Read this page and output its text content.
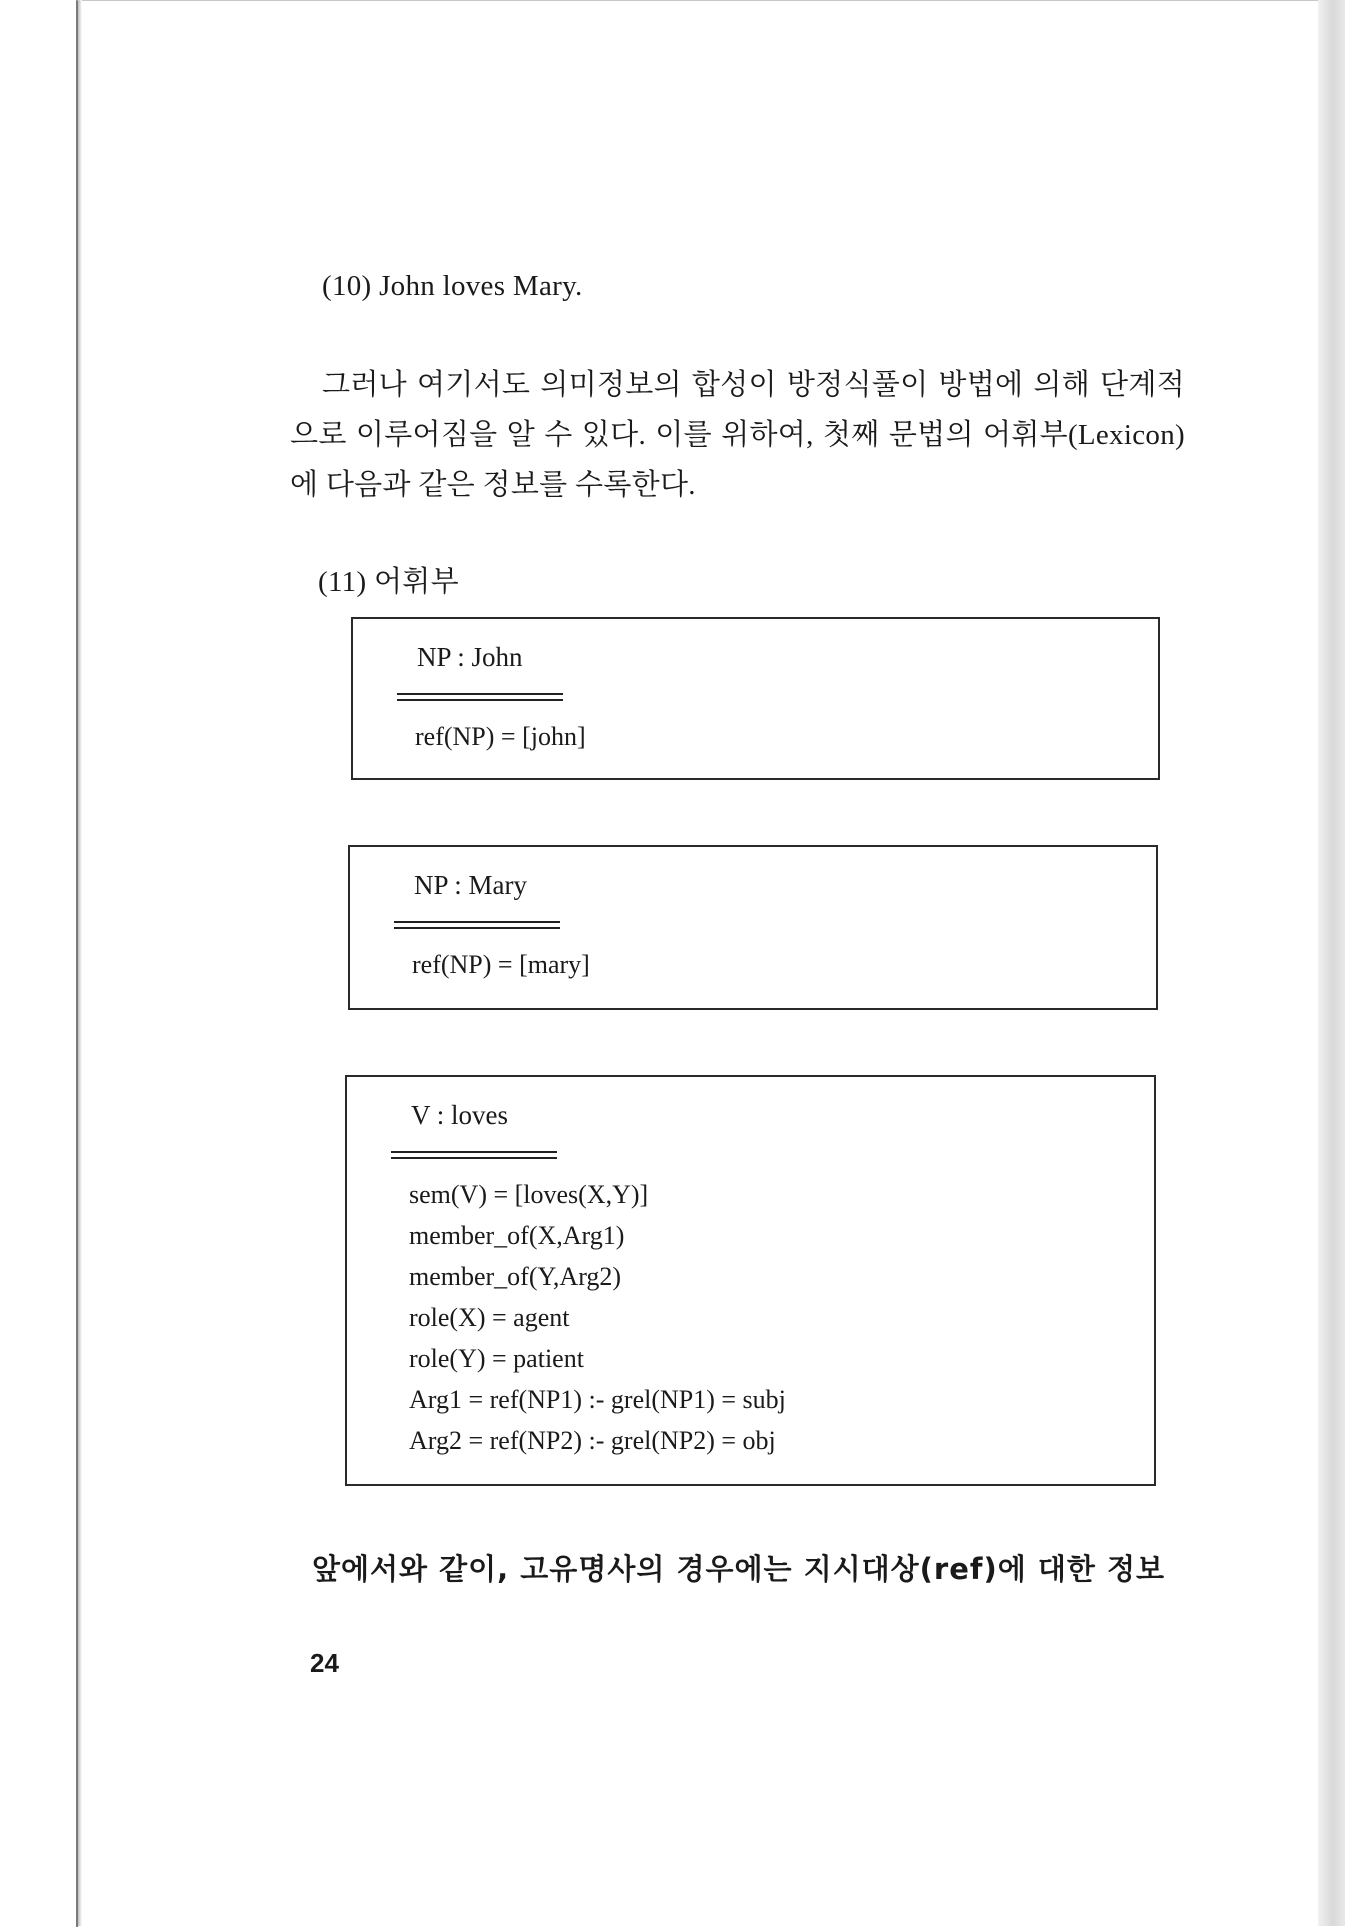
(10) John loves Mary.
그러나 여기서도 의미정보의 합성이 방정식풀이 방법에 의해 단계적으로 이루어짐을 알 수 있다. 이를 위하여, 첫째 문법의 어휘부(Lexicon)에 다음과 같은 정보를 수록한다.
(11) 어휘부
NP : John
ref(NP) = [john]
NP : Mary
ref(NP) = [mary]
V : loves
sem(V) = [loves(X,Y)]
member_of(X,Arg1)
member_of(Y,Arg2)
role(X) = agent
role(Y) = patient
Arg1 = ref(NP1) :- grel(NP1) = subj
Arg2 = ref(NP2) :- grel(NP2) = obj
앞에서와 같이, 고유명사의 경우에는 지시대상(ref)에 대한 정보
24
